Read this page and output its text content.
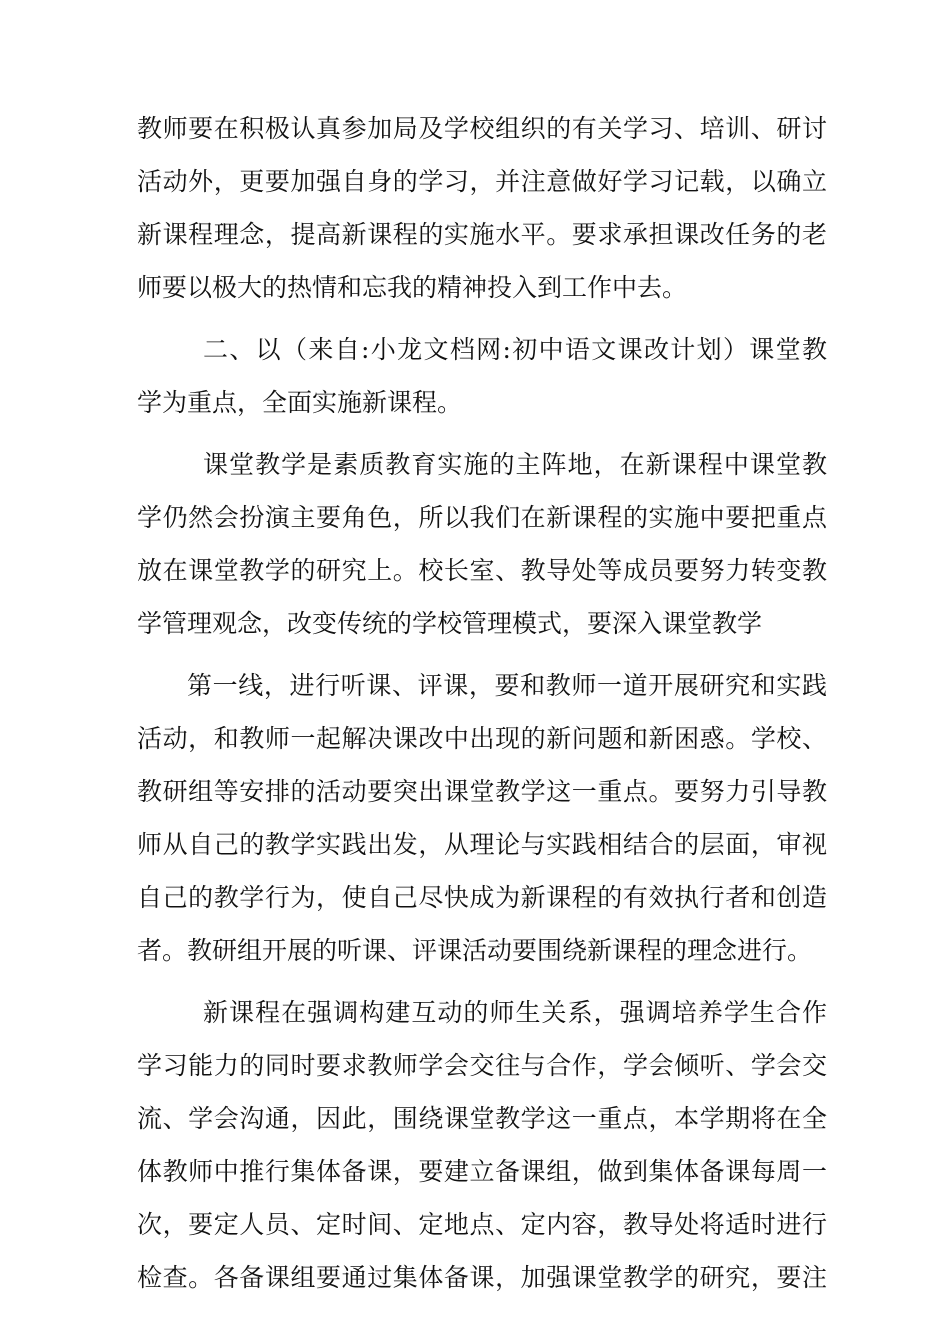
教师要在积极认真参加局及学校组织的有关学习、培训、研讨
活动外，更要加强自身的学习，并注意做好学习记载，以确立
新课程理念，提高新课程的实施水平。要求承担课改任务的老
师要以极大的热情和忘我的精神投入到工作中去。
二、以（来自:小龙文档网:初中语文课改计划）课堂教
学为重点，全面实施新课程。
课堂教学是素质教育实施的主阵地，在新课程中课堂教
学仍然会扮演主要角色，所以我们在新课程的实施中要把重点
放在课堂教学的研究上。校长室、教导处等成员要努力转变教
学管理观念，改变传统的学校管理模式，要深入课堂教学
第一线，进行听课、评课，要和教师一道开展研究和实践
活动，和教师一起解决课改中出现的新问题和新困惑。学校、
教研组等安排的活动要突出课堂教学这一重点。要努力引导教
师从自己的教学实践出发，从理论与实践相结合的层面，审视
自己的教学行为，使自己尽快成为新课程的有效执行者和创造
者。教研组开展的听课、评课活动要围绕新课程的理念进行。
新课程在强调构建互动的师生关系，强调培养学生合作
学习能力的同时要求教师学会交往与合作，学会倾听、学会交
流、学会沟通，因此，围绕课堂教学这一重点，本学期将在全
体教师中推行集体备课，要建立备课组，做到集体备课每周一
次，要定人员、定时间、定地点、定内容，教导处将适时进行
检查。各备课组要通过集体备课，加强课堂教学的研究，要注
